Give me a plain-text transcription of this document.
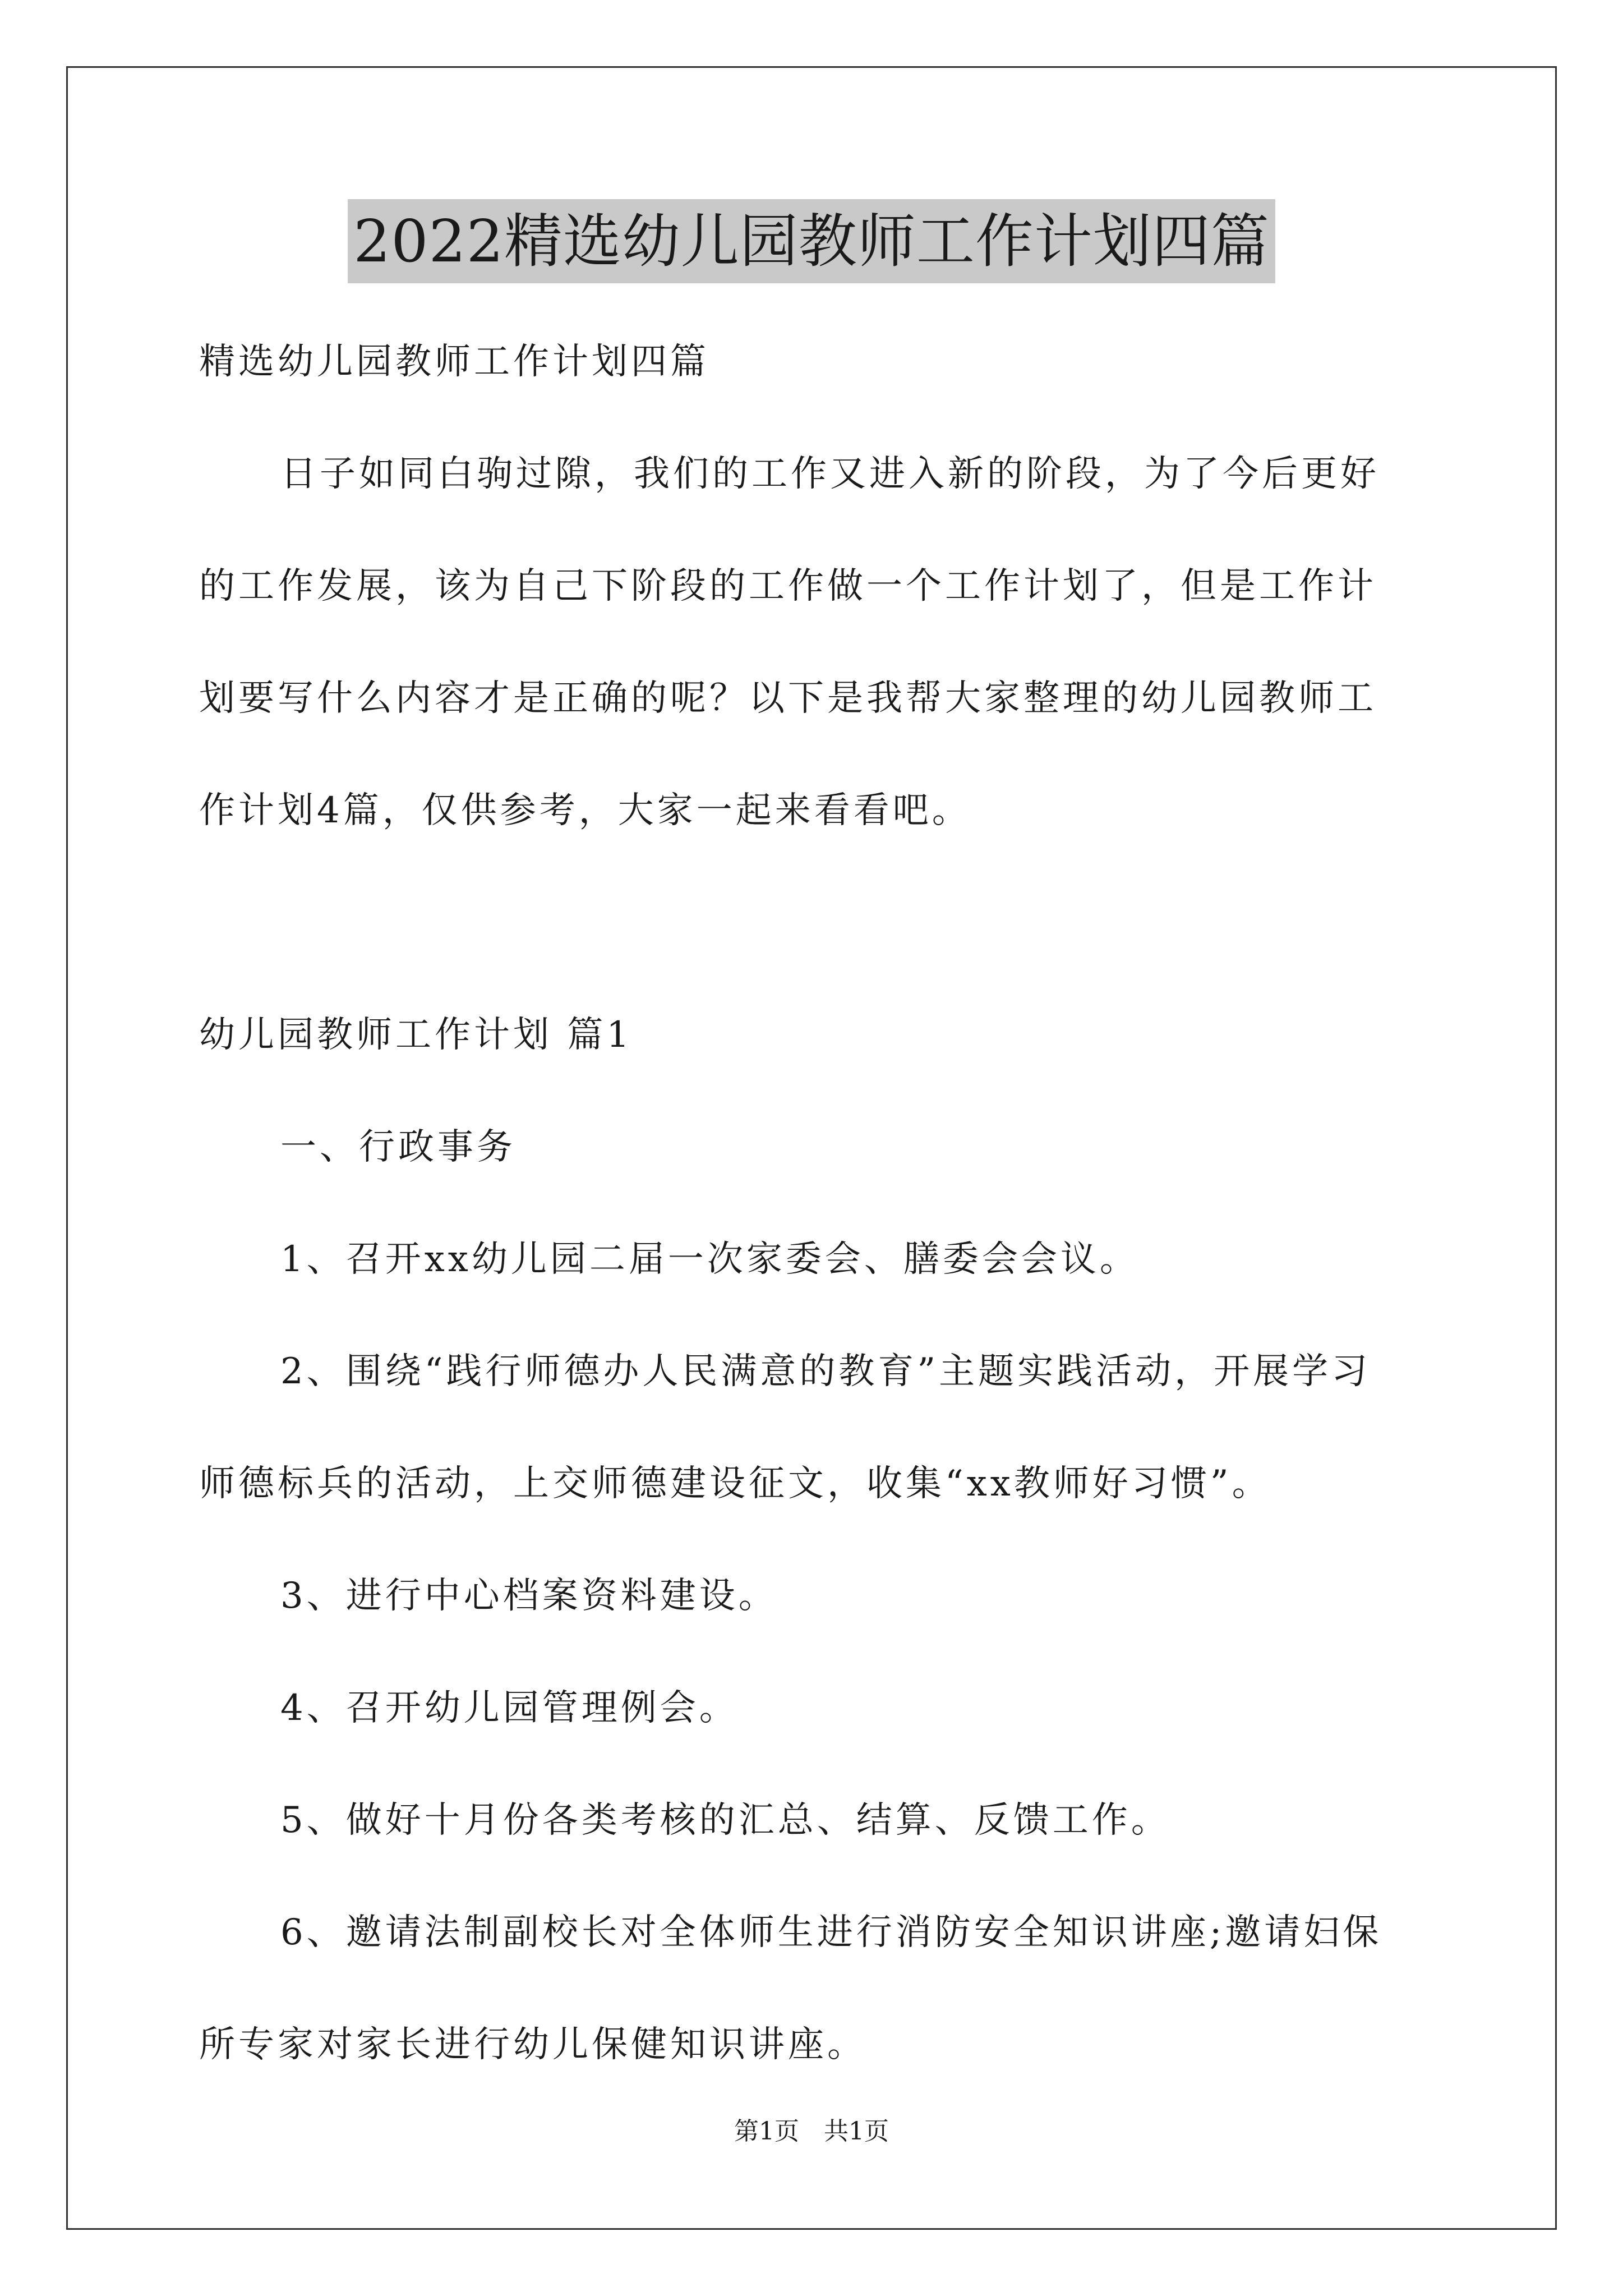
2022精选幼儿园教师工作计划四篇
精选幼儿园教师工作计划四篇
日子如同白驹过隙，我们的工作又进入新的阶段，为了今后更好
的工作发展，该为自己下阶段的工作做一个工作计划了，但是工作计
划要写什么内容才是正确的呢？以下是我帮大家整理的幼儿园教师工
作计划4篇，仅供参考，大家一起来看看吧。
幼儿园教师工作计划 篇1
一、行政事务
1、召开xx幼儿园二届一次家委会、膳委会会议。
2、围绕“践行师德办人民满意的教育”主题实践活动，开展学习
师德标兵的活动，上交师德建设征文，收集“xx教师好习惯”。
3、进行中心档案资料建设。
4、召开幼儿园管理例会。
5、做好十月份各类考核的汇总、结算、反馈工作。
6、邀请法制副校长对全体师生进行消防安全知识讲座;邀请妇保
所专家对家长进行幼儿保健知识讲座。
第1页 共1页
